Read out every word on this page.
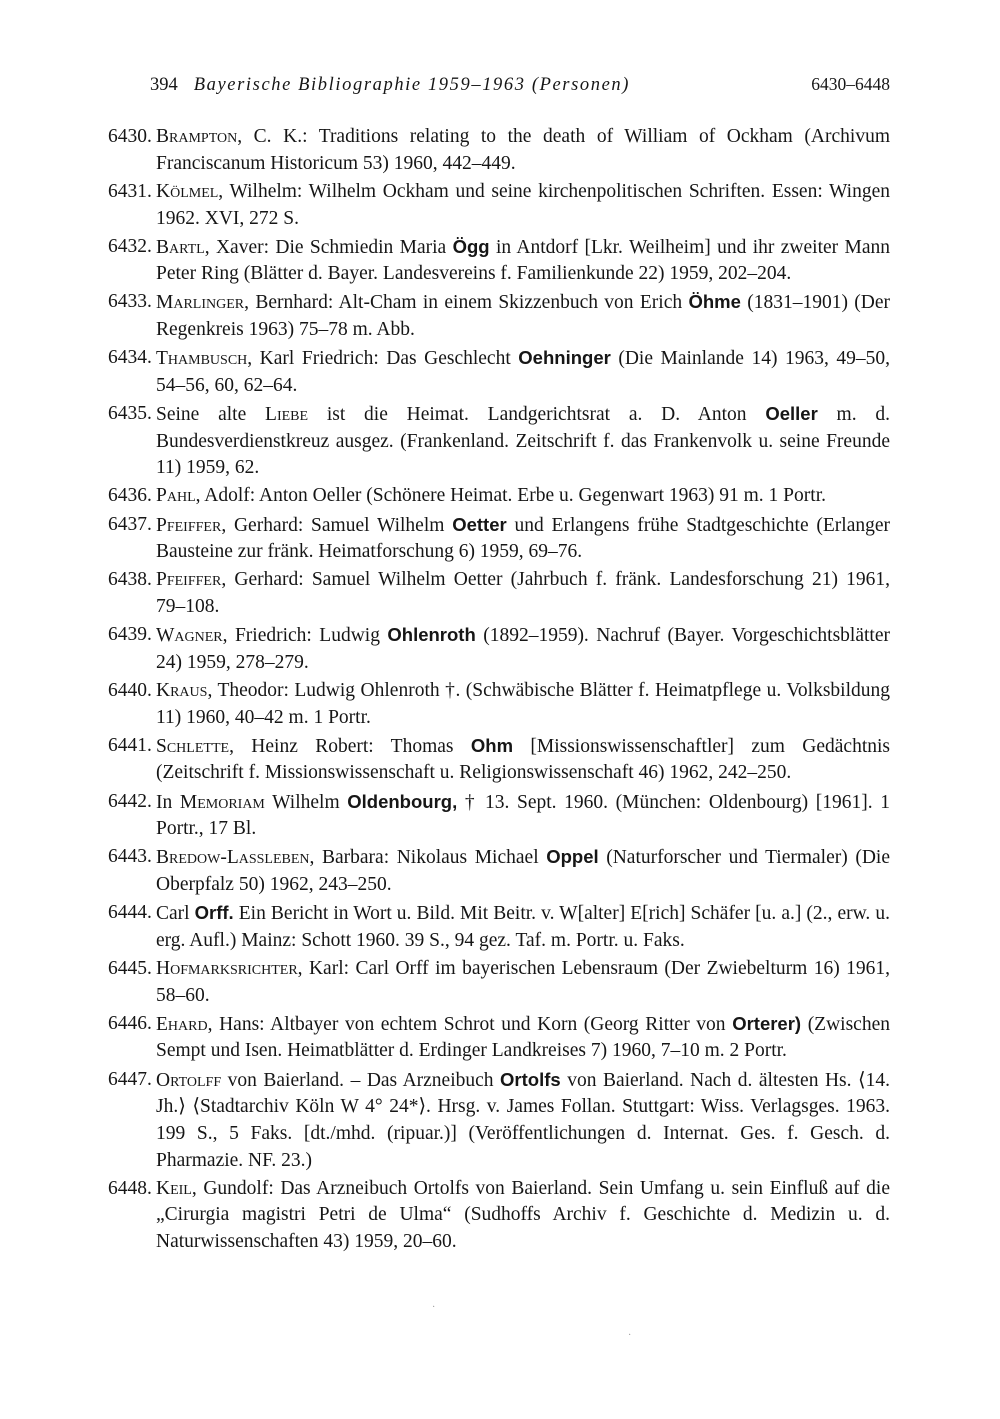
394 Bayerische Bibliographie 1959–1963 (Personen)	6430–6448
6430. Brampton, C. K.: Traditions relating to the death of William of Ockham (Archivum Franciscanum Historicum 53) 1960, 442–449.
6431. Kölmel, Wilhelm: Wilhelm Ockham und seine kirchenpolitischen Schriften. Essen: Wingen 1962. XVI, 272 S.
6432. Bartl, Xaver: Die Schmiedin Maria Ögg in Antdorf [Lkr. Weilheim] und ihr zweiter Mann Peter Ring (Blätter d. Bayer. Landesvereins f. Familienkunde 22) 1959, 202–204.
6433. Marlinger, Bernhard: Alt-Cham in einem Skizzenbuch von Erich Öhme (1831–1901) (Der Regenkreis 1963) 75–78 m. Abb.
6434. Thambusch, Karl Friedrich: Das Geschlecht Oehninger (Die Mainlande 14) 1963, 49–50, 54–56, 60, 62–64.
6435. Seine alte Liebe ist die Heimat. Landgerichtsrat a. D. Anton Oeller m. d. Bundesverdienstkreuz ausgez. (Frankenland. Zeitschrift f. das Frankenvolk u. seine Freunde 11) 1959, 62.
6436. Pahl, Adolf: Anton Oeller (Schönere Heimat. Erbe u. Gegenwart 1963) 91 m. 1 Portr.
6437. Pfeiffer, Gerhard: Samuel Wilhelm Oetter und Erlangens frühe Stadtgeschichte (Erlanger Bausteine zur fränk. Heimatforschung 6) 1959, 69–76.
6438. Pfeiffer, Gerhard: Samuel Wilhelm Oetter (Jahrbuch f. fränk. Landesforschung 21) 1961, 79–108.
6439. Wagner, Friedrich: Ludwig Ohlenroth (1892–1959). Nachruf (Bayer. Vorgeschichtsblätter 24) 1959, 278–279.
6440. Kraus, Theodor: Ludwig Ohlenroth †. (Schwäbische Blätter f. Heimatpflege u. Volksbildung 11) 1960, 40–42 m. 1 Portr.
6441. Schlette, Heinz Robert: Thomas Ohm [Missionswissenschaftler] zum Gedächtnis (Zeitschrift f. Missionswissenschaft u. Religionswissenschaft 46) 1962, 242–250.
6442. In Memoriam Wilhelm Oldenbourg, † 13. Sept. 1960. (München: Oldenbourg) [1961]. 1 Portr., 17 Bl.
6443. Bredow-Lassleben, Barbara: Nikolaus Michael Oppel (Naturforscher und Tiermaler) (Die Oberpfalz 50) 1962, 243–250.
6444. Carl Orff. Ein Bericht in Wort u. Bild. Mit Beitr. v. W[alter] E[rich] Schäfer [u. a.] (2., erw. u. erg. Aufl.) Mainz: Schott 1960. 39 S., 94 gez. Taf. m. Portr. u. Faks.
6445. Hofmarksrichter, Karl: Carl Orff im bayerischen Lebensraum (Der Zwiebelturm 16) 1961, 58–60.
6446. Ehard, Hans: Altbayer von echtem Schrot und Korn (Georg Ritter von Orterer) (Zwischen Sempt und Isen. Heimatblätter d. Erdinger Landkreises 7) 1960, 7–10 m. 2 Portr.
6447. Ortolff von Baierland. – Das Arzneibuch Ortolfs von Baierland. Nach d. ältesten Hs. ⟨14. Jh.⟩ ⟨Stadtarchiv Köln W 4° 24*⟩. Hrsg. v. James Follan. Stuttgart: Wiss. Verlagsges. 1963. 199 S., 5 Faks. [dt./mhd. (ripuar.)] (Veröffentlichungen d. Internat. Ges. f. Gesch. d. Pharmazie. NF. 23.)
6448. Keil, Gundolf: Das Arzneibuch Ortolfs von Baierland. Sein Umfang u. sein Einfluß auf die „Cirurgia magistri Petri de Ulma“ (Sudhoffs Archiv f. Geschichte d. Medizin u. d. Naturwissenschaften 43) 1959, 20–60.
·
·
